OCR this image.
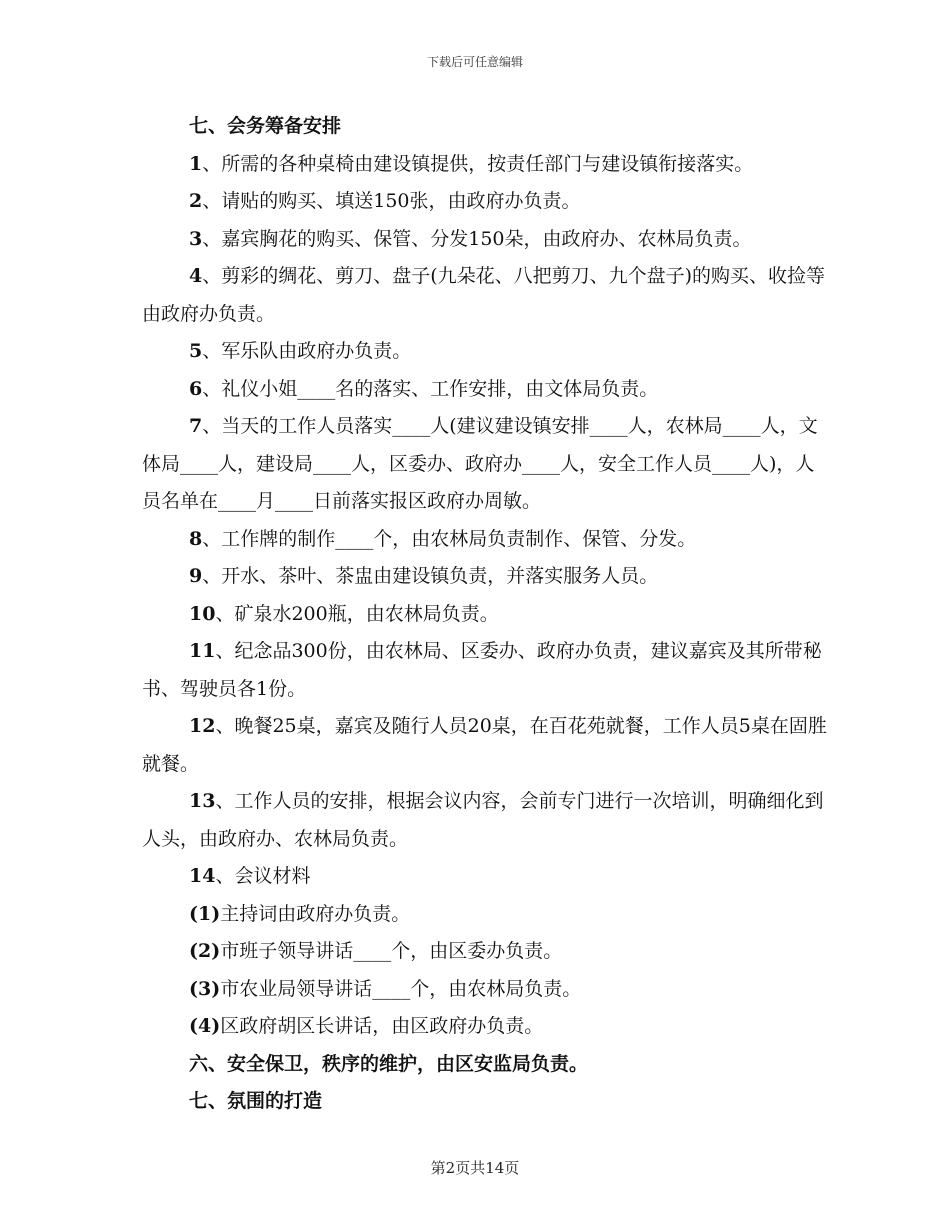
下载后可任意编辑

七、会务筹备安排

1、所需的各种桌椅由建设镇提供，按责任部门与建设镇衔接落实。

2、请贴的购买、填送150张，由政府办负责。

3、嘉宾胸花的购买、保管、分发150朵，由政府办、农林局负责。

4、剪彩的绸花、剪刀、盘子(九朵花、八把剪刀、九个盘子)的购买、收捡等由政府办负责。

5、军乐队由政府办负责。

6、礼仪小姐____名的落实、工作安排，由文体局负责。

7、当天的工作人员落实____人(建议建设镇安排____人，农林局____人，文体局____人，建设局____人，区委办、政府办____人，安全工作人员____人)，人员名单在____月____日前落实报区政府办周敏。

8、工作牌的制作____个，由农林局负责制作、保管、分发。

9、开水、茶叶、茶盅由建设镇负责，并落实服务人员。

10、矿泉水200瓶，由农林局负责。

11、纪念品300份，由农林局、区委办、政府办负责，建议嘉宾及其所带秘书、驾驶员各1份。

12、晚餐25桌，嘉宾及随行人员20桌，在百花苑就餐，工作人员5桌在固胜就餐。

13、工作人员的安排，根据会议内容，会前专门进行一次培训，明确细化到人头，由政府办、农林局负责。

14、会议材料

(1)主持词由政府办负责。

(2)市班子领导讲话____个，由区委办负责。

(3)市农业局领导讲话____个，由农林局负责。

(4)区政府胡区长讲话，由区政府办负责。

六、安全保卫，秩序的维护，由区安监局负责。

七、氛围的打造

第2页共14页
